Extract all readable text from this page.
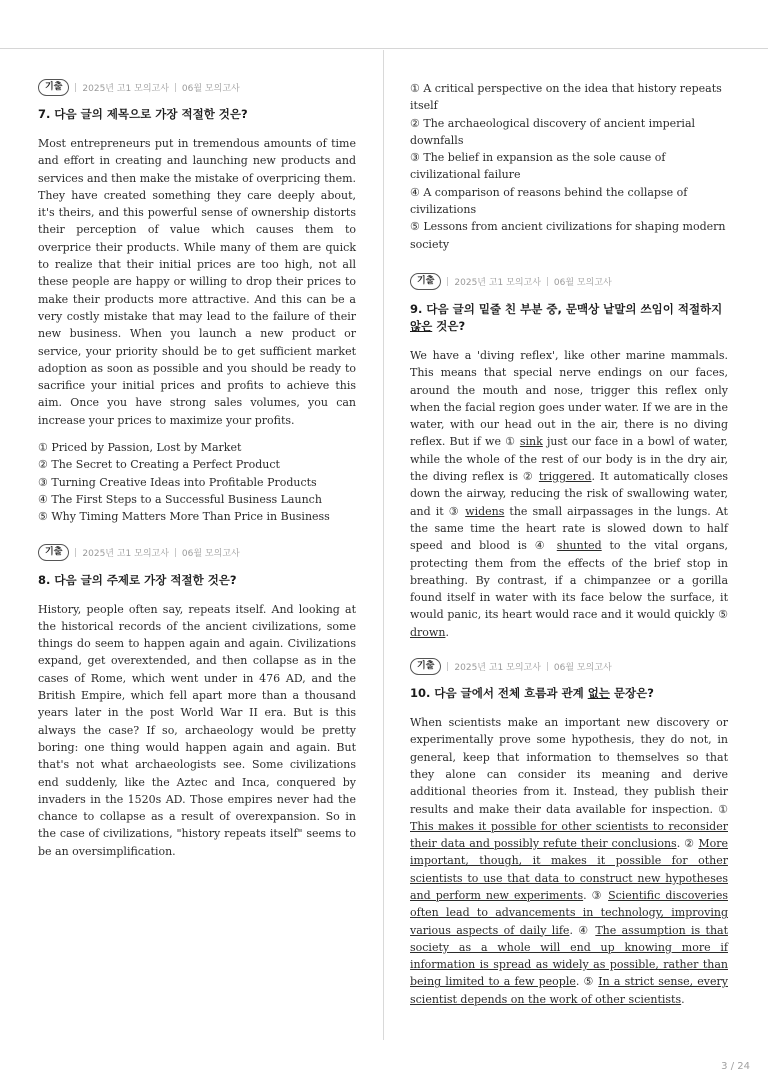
기출	2025년 고1 모의고사 06월 모의고사
7. 다음 글의 제목으로 가장 적절한 것은?

Most entrepreneurs put in tremendous amounts of time and effort in creating and launching new products and services and then make the mistake of overpricing them. They have created something they care deeply about, it's theirs, and this powerful sense of ownership distorts their perception of value which causes them to overprice their products. While many of them are quick to realize that their initial prices are too high, not all these people are happy or willing to drop their prices to make their products more attractive. And this can be a very costly mistake that may lead to the failure of their new business. When you launch a new product or service, your priority should be to get sufficient market adoption as soon as possible and you should be ready to sacrifice your initial prices and profits to achieve this aim. Once you have strong sales volumes, you can increase your prices to maximize your profits.

① Priced by Passion, Lost by Market
② The Secret to Creating a Perfect Product
③ Turning Creative Ideas into Profitable Products
④ The First Steps to a Successful Business Launch
⑤ Why Timing Matters More Than Price in Business
기출	2025년 고1 모의고사 06월 모의고사
8. 다음 글의 주제로 가장 적절한 것은?

History, people often say, repeats itself. And looking at the historical records of the ancient civilizations, some things do seem to happen again and again. Civilizations expand, get overextended, and then collapse as in the cases of Rome, which went under in 476 AD, and the British Empire, which fell apart more than a thousand years later in the post World War II era. But is this always the case? If so, archaeology would be pretty boring: one thing would happen again and again. But that's not what archaeologists see. Some civilizations end suddenly, like the Aztec and Inca, conquered by invaders in the 1520s AD. Those empires never had the chance to collapse as a result of overexpansion. So in the case of civilizations, "history repeats itself" seems to be an oversimplification.

① A critical perspective on the idea that history repeats itself
② The archaeological discovery of ancient imperial downfalls
③ The belief in expansion as the sole cause of civilizational failure
④ A comparison of reasons behind the collapse of civilizations
⑤ Lessons from ancient civilizations for shaping modern society
기출	2025년 고1 모의고사 06월 모의고사
9. 다음 글의 밑줄 친 부분 중, 문맥상 낱말의 쓰임이 적절하지 않은 것은?

We have a 'diving reflex', like other marine mammals. This means that special nerve endings on our faces, around the mouth and nose, trigger this reflex only when the facial region goes under water. If we are in the water, with our head out in the air, there is no diving reflex. But if we ① sink just our face in a bowl of water, while the whole of the rest of our body is in the dry air, the diving reflex is ② triggered. It automatically closes down the airway, reducing the risk of swallowing water, and it ③ widens the small airpassages in the lungs. At the same time the heart rate is slowed down to half speed and blood is ④ shunted to the vital organs, protecting them from the effects of the brief stop in breathing. By contrast, if a chimpanzee or a gorilla found itself in water with its face below the surface, it would panic, its heart would race and it would quickly ⑤ drown.

기출	2025년 고1 모의고사 06월 모의고사
10. 다음 글에서 전체 흐름과 관계 없는 문장은?

When scientists make an important new discovery or experimentally prove some hypothesis, they do not, in general, keep that information to themselves so that they alone can consider its meaning and derive additional theories from it. Instead, they publish their results and make their data available for inspection. ① This makes it possible for other scientists to reconsider their data and possibly refute their conclusions. ② More important, though, it makes it possible for other scientists to use that data to construct new hypotheses and perform new experiments. ③ Scientific discoveries often lead to advancements in technology, improving various aspects of daily life. ④ The assumption is that society as a whole will end up knowing more if information is spread as widely as possible, rather than being limited to a few people. ⑤ In a strict sense, every scientist depends on the work of other scientists.

3 / 24
